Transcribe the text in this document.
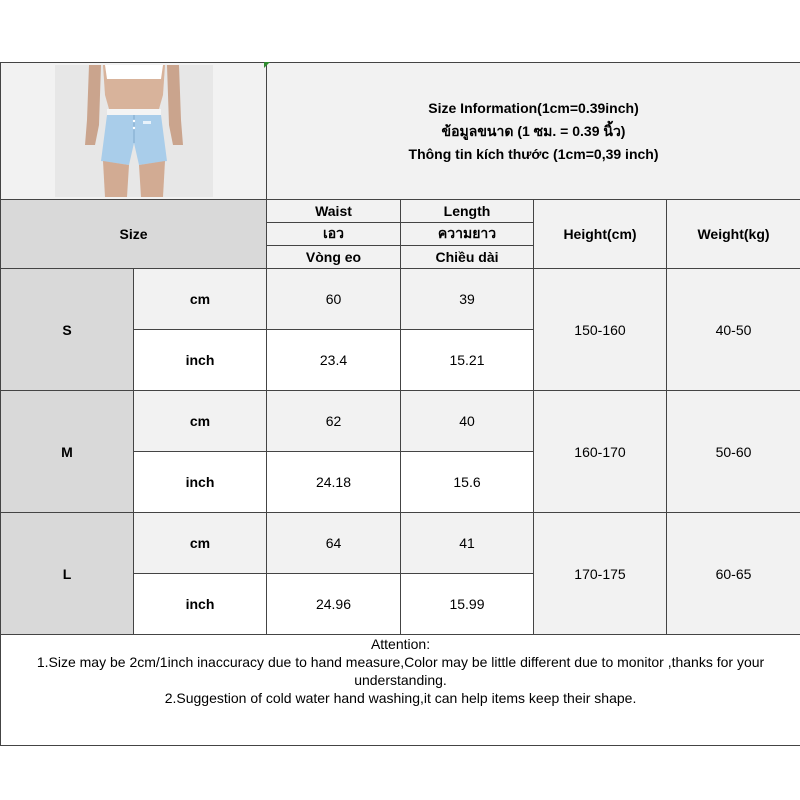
Size Information(1cm=0.39inch)
ข้อมูลขนาด (1 ซม. = 0.39 นิ้ว)
Thông tin kích thước (1cm=0,39 inch)			

Size		Waist	Length	Height(cm)	Weight(kg)
		เอว	ความยาว		
		Vòng eo	Chiều dài		
S	cm	60	39	150-160	40-50
	inch	23.4	15.21		
M	cm	62	40	160-170	50-60
	inch	24.18	15.6		
L	cm	64	41	170-175	60-65
	inch	24.96	15.99		

Attention:
1.Size may be 2cm/1inch inaccuracy due to hand measure,Color may be little different due to monitor ,thanks for your understanding.
2.Suggestion of cold water hand washing,it can help items keep their shape.					
